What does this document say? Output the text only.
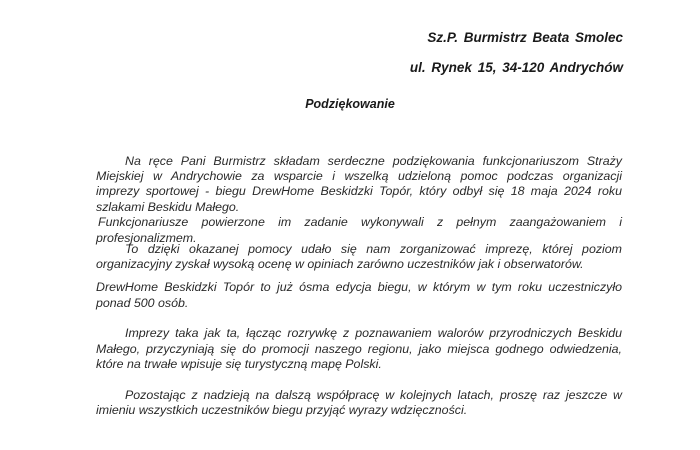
Sz.P. Burmistrz Beata Smolec
ul. Rynek 15, 34-120 Andrychów
Podziękowanie
Na ręce Pani Burmistrz składam serdeczne podziękowania funkcjonariuszom Straży
Miejskiej w Andrychowie za wsparcie i wszelką udzieloną pomoc podczas organizacji
imprezy sportowej - biegu DrewHome Beskidzki Topór, który odbył się 18 maja 2024 roku
szlakami Beskidu Małego.
Funkcjonariusze powierzone im zadanie wykonywali z pełnym zaangażowaniem i
profesjonalizmem.
To dzięki okazanej pomocy udało się nam zorganizować imprezę, której poziom
organizacyjny zyskał wysoką ocenę w opiniach zarówno uczestników jak i obserwatorów.
DrewHome Beskidzki Topór to już ósma edycja biegu, w którym w tym roku uczestniczyło
ponad 500 osób.
Imprezy taka jak ta, łącząc rozrywkę z poznawaniem walorów przyrodniczych Beskidu
Małego, przyczyniają się do promocji naszego regionu, jako miejsca godnego odwiedzenia,
które na trwałe wpisuje się turystyczną mapę Polski.
Pozostając z nadzieją na dalszą współpracę w kolejnych latach, proszę raz jeszcze w
imieniu wszystkich uczestników biegu przyjąć wyrazy wdzięczności.
